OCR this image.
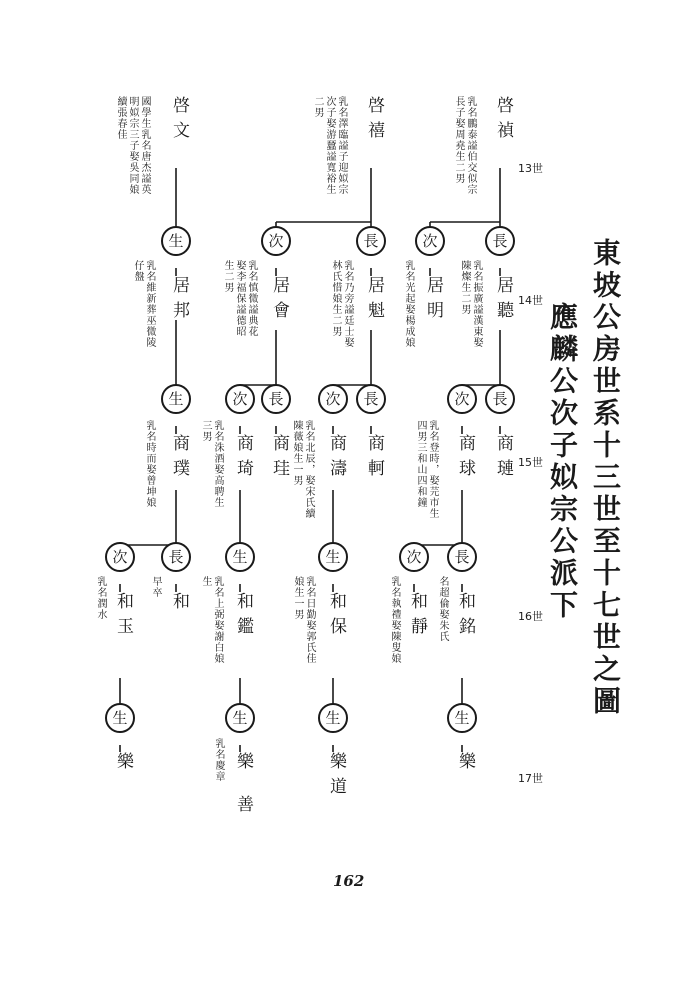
東坡公房世系十三世至十七世之圖
應麟公次子姒宗公派下
13世
14世
15世
16世
17世
啓禎
乳名鵬泰謚伯交似宗
長子娶周堯生二男
啓禧
乳名澤臨謚子迎姒宗
次子娶游蠶謚寬裕生
二男
啓文
國學生乳名唐杰謚英
明姒宗三子娶吳同娘
續張春佳
長
次
長
次
生
居聽
乳名振廣謚漢東娶
陳燦生二男
居明
乳名光起娶楊成娘
居魁
乳名乃旁謚廷士娶
林氏惜娘生二男
居會
乳名慎微謚典花
娶李福保謚德昭
生二男
居邦
乳名維新葬巫微陵
仔盤
長
次
長
次
長
次
生
商璉
商球
乳名登時，娶芫市生
四男三和山四和鐘
商軻
商濤
乳名北辰，娶宋氏續
陳薇娘生一男
商珪
商琦
乳名洙酒娶高聘生
三男
商璞
乳名時而娶曾坤娘
長
次
生
生
長
次
和銘
名超倫娶朱氏
和靜
乳名執禮娶陳叟娘
和保
乳名日勤娶郭氏佳
娘生一男
和鑑
乳名上弼娶謝白娘
生
和
早卒
和玉
乳名潤水
生
生
生
生
樂
樂道
樂善
乳名慶章
樂
162
